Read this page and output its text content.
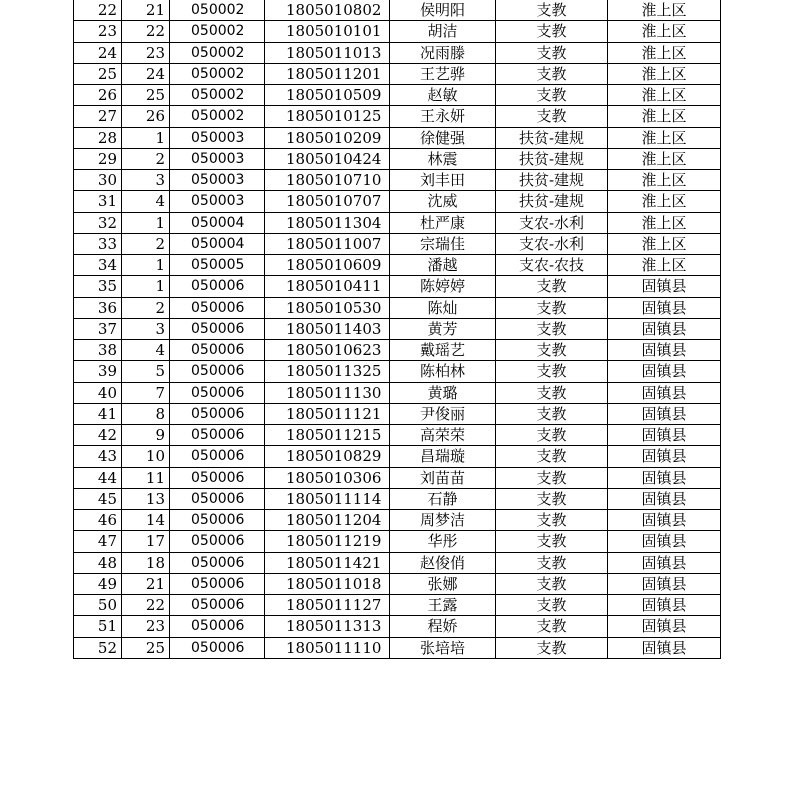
22	21	050002	1805010802	侯明阳	支教	淮上区
23	22	050002	1805010101	胡洁	支教	淮上区
24	23	050002	1805011013	况雨滕	支教	淮上区
25	24	050002	1805011201	王艺骅	支教	淮上区
26	25	050002	1805010509	赵敏	支教	淮上区
27	26	050002	1805010125	王永妍	支教	淮上区
28	1	050003	1805010209	徐健强	扶贫-建规	淮上区
29	2	050003	1805010424	林震	扶贫-建规	淮上区
30	3	050003	1805010710	刘丰田	扶贫-建规	淮上区
31	4	050003	1805010707	沈威	扶贫-建规	淮上区
32	1	050004	1805011304	杜严康	支农-水利	淮上区
33	2	050004	1805011007	宗瑞佳	支农-水利	淮上区
34	1	050005	1805010609	潘越	支农-农技	淮上区
35	1	050006	1805010411	陈婷婷	支教	固镇县
36	2	050006	1805010530	陈灿	支教	固镇县
37	3	050006	1805011403	黄芳	支教	固镇县
38	4	050006	1805010623	戴瑶艺	支教	固镇县
39	5	050006	1805011325	陈柏林	支教	固镇县
40	7	050006	1805011130	黄璐	支教	固镇县
41	8	050006	1805011121	尹俊丽	支教	固镇县
42	9	050006	1805011215	高荣荣	支教	固镇县
43	10	050006	1805010829	昌瑞璇	支教	固镇县
44	11	050006	1805010306	刘苗苗	支教	固镇县
45	13	050006	1805011114	石静	支教	固镇县
46	14	050006	1805011204	周梦洁	支教	固镇县
47	17	050006	1805011219	华彤	支教	固镇县
48	18	050006	1805011421	赵俊俏	支教	固镇县
49	21	050006	1805011018	张娜	支教	固镇县
50	22	050006	1805011127	王露	支教	固镇县
51	23	050006	1805011313	程娇	支教	固镇县
52	25	050006	1805011110	张培培	支教	固镇县
